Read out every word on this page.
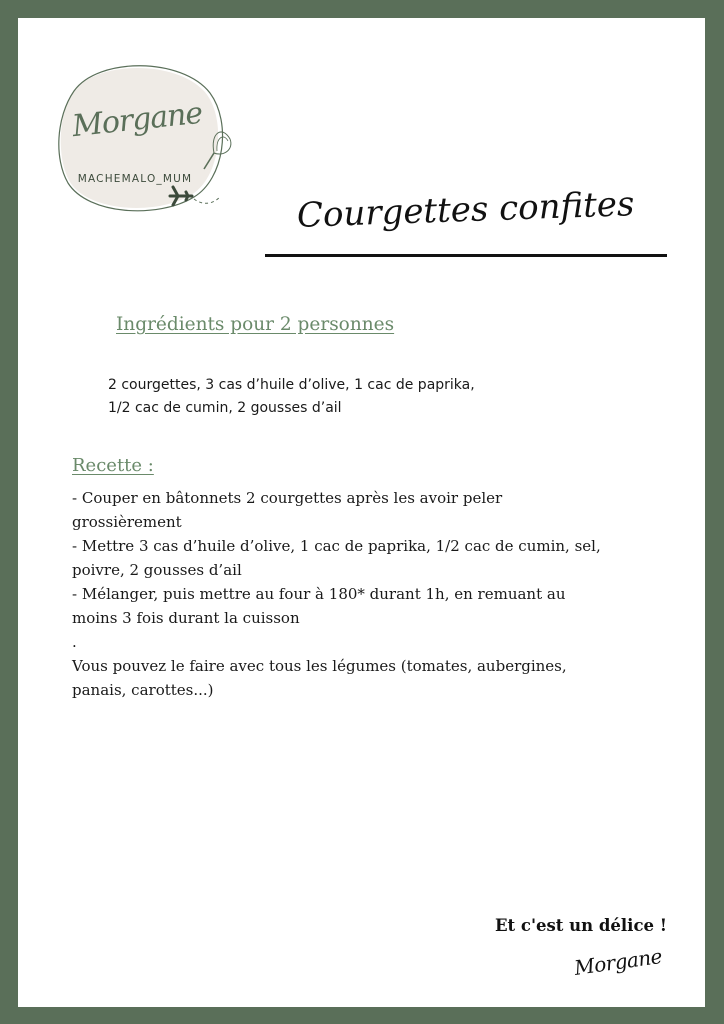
Morgane
MACHEMALO_MUM
Courgettes confites
Ingrédients pour 2 personnes
2 courgettes, 3 cas d’huile d’olive, 1 cac de paprika,
1/2 cac de cumin, 2 gousses d’ail
Recette :
- Couper en bâtonnets 2 courgettes après les avoir peler grossièrement
- Mettre 3 cas d’huile d’olive, 1 cac de paprika, 1/2 cac de cumin, sel, poivre, 2 gousses d’ail
- Mélanger, puis mettre au four à 180* durant 1h, en remuant au moins 3 fois durant la cuisson
.
Vous pouvez le faire avec tous les légumes (tomates, aubergines, panais, carottes...)
Et c'est un délice !
Morgane
